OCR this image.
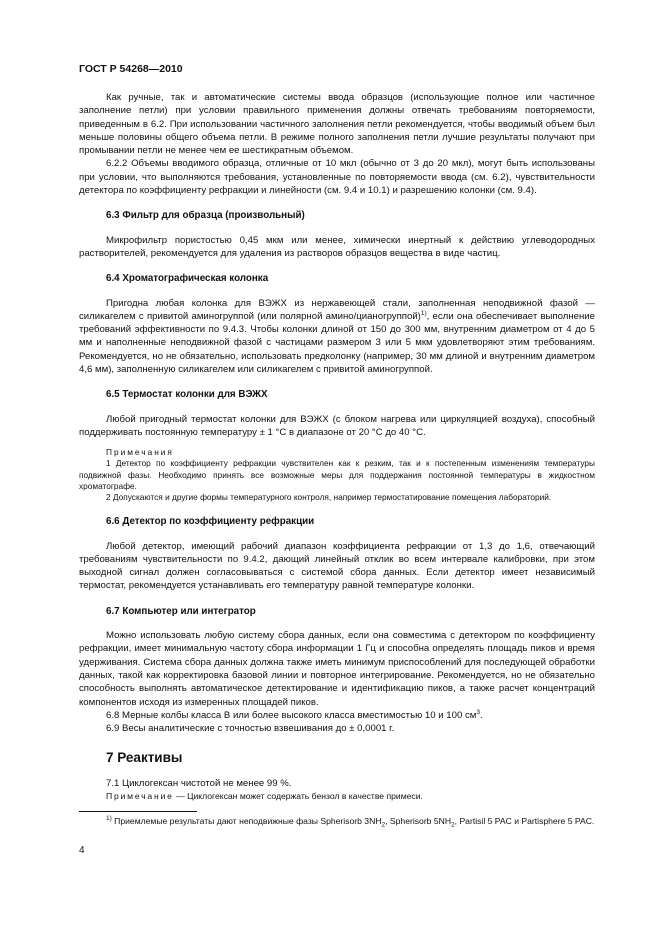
ГОСТ Р 54268—2010

Как ручные, так и автоматические системы ввода образцов (использующие полное или частичное заполнение петли) при условии правильного применения должны отвечать требованиям повторяемости, приведенным в 6.2. При использовании частичного заполнения петли рекомендуется, чтобы вводимый объем был меньше половины общего объема петли. В режиме полного заполнения петли лучшие результаты получают при промывании петли не менее чем ее шестикратным объемом.

6.2.2 Объемы вводимого образца, отличные от 10 мкл (обычно от 3 до 20 мкл), могут быть использованы при условии, что выполняются требования, установленные по повторяемости ввода (см. 6.2), чувствительности детектора по коэффициенту рефракции и линейности (см. 9.4 и 10.1) и разрешению колонки (см. 9.4).

6.3 Фильтр для образца (произвольный)

Микрофильтр пористостью 0,45 мкм или менее, химически инертный к действию углеводородных растворителей, рекомендуется для удаления из растворов образцов вещества в виде частиц.

6.4 Хроматографическая колонка

Пригодна любая колонка для ВЭЖХ из нержавеющей стали, заполненная неподвижной фазой — силикагелем с привитой аминогруппой (или полярной амино/цианогруппой)$^{1)}$, если она обеспечивает выполнение требований эффективности по 9.4.3. Чтобы колонки длиной от 150 до 300 мм, внутренним диаметром от 4 до 5 мм и наполненные неподвижной фазой с частицами размером 3 или 5 мкм удовлетворяют этим требованиям. Рекомендуется, но не обязательно, использовать предколонку (например, 30 мм длиной и внутренним диаметром 4,6 мм), заполненную силикагелем или силикагелем с привитой аминогруппой.

6.5 Термостат колонки для ВЭЖХ

Любой пригодный термостат колонки для ВЭЖХ (с блоком нагрева или циркуляцией воздуха), способный поддерживать постоянную температуру ± 1 °С в диапазоне от 20 °С до 40 °С.

Примечания

1 Детектор по коэффициенту рефракции чувствителен как к резким, так и к постепенным изменениям температуры подвижной фазы. Необходимо принять все возможные меры для поддержания постоянной температуры в жидкостном хроматографе.

2 Допускаются и другие формы температурного контроля, например термостатирование помещения лабораторий.

6.6 Детектор по коэффициенту рефракции

Любой детектор, имеющий рабочий диапазон коэффициента рефракции от 1,3 до 1,6, отвечающий требованиям чувствительности по 9.4.2, дающий линейный отклик во всем интервале калибровки, при этом выходной сигнал должен согласовываться с системой сбора данных. Если детектор имеет независимый термостат, рекомендуется устанавливать его температуру равной температуре колонки.

6.7 Компьютер или интегратор

Можно использовать любую систему сбора данных, если она совместима с детектором по коэффициенту рефракции, имеет минимальную частоту сбора информации 1 Гц и способна определять площадь пиков и время удерживания. Система сбора данных должна также иметь минимум приспособлений для последующей обработки данных, такой как корректировка базовой линии и повторное интегрирование. Рекомендуется, но не обязательно способность выполнять автоматическое детектирование и идентификацию пиков, а также расчет концентраций компонентов исходя из измеренных площадей пиков.

6.8 Мерные колбы класса В или более высокого класса вместимостью 10 и 100 $см^3$.

6.9 Весы аналитические с точностью взвешивания до ± 0,0001 г.

7 Реактивы

7.1 Циклогексан чистотой не менее 99 %.

Примечание — Циклогексан может содержать бензол в качестве примеси.

$^{1)}$ Приемлемые результаты дают неподвижные фазы Spherisorb $3NH_2$, Spherisorb $5NH_2$, Partisil 5 PAC и Partisphere 5 PAC.
4
